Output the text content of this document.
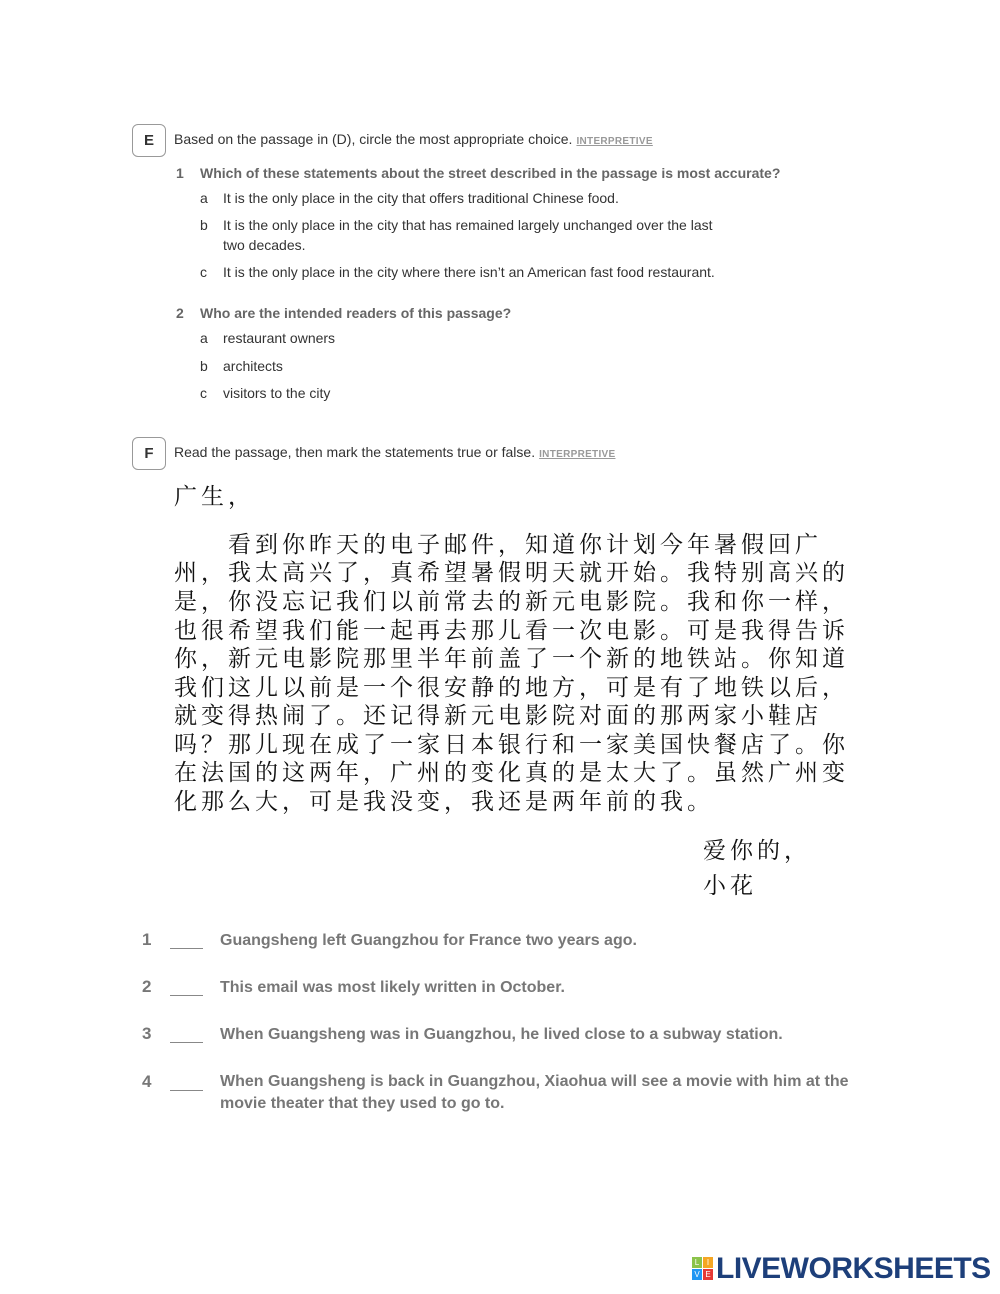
E	Based on the passage in (D), circle the most appropriate choice. INTERPRETIVE
1 Which of these statements about the street described in the passage is most accurate?
a It is the only place in the city that offers traditional Chinese food.
b It is the only place in the city that has remained largely unchanged over the last
two decades.
c It is the only place in the city where there isn’t an American fast food restaurant.
2 Who are the intended readers of this passage?
a restaurant owners
b architects
c visitors to the city
F	Read the passage, then mark the statements true or false. INTERPRETIVE
广生，
看到你昨天的电子邮件，知道你计划今年暑假回广
州，我太高兴了，真希望暑假明天就开始。我特别高兴的
是，你没忘记我们以前常去的新元电影院。我和你一样，
也很希望我们能一起再去那儿看一次电影。可是我得告诉
你，新元电影院那里半年前盖了一个新的地铁站。你知道
我们这儿以前是一个很安静的地方，可是有了地铁以后，
就变得热闹了。还记得新元电影院对面的那两家小鞋店
吗？那儿现在成了一家日本银行和一家美国快餐店了。你
在法国的这两年，广州的变化真的是太大了。虽然广州变
化那么大，可是我没变，我还是两年前的我。
爱你的，
小花
1	Guangsheng left Guangzhou for France two years ago.
2	This email was most likely written in October.
3	When Guangsheng was in Guangzhou, he lived close to a subway station.
4	When Guangsheng is back in Guangzhou, Xiaohua will see a movie with him at the
movie theater that they used to go to.
L I
V E LIVEWORKSHEETS
